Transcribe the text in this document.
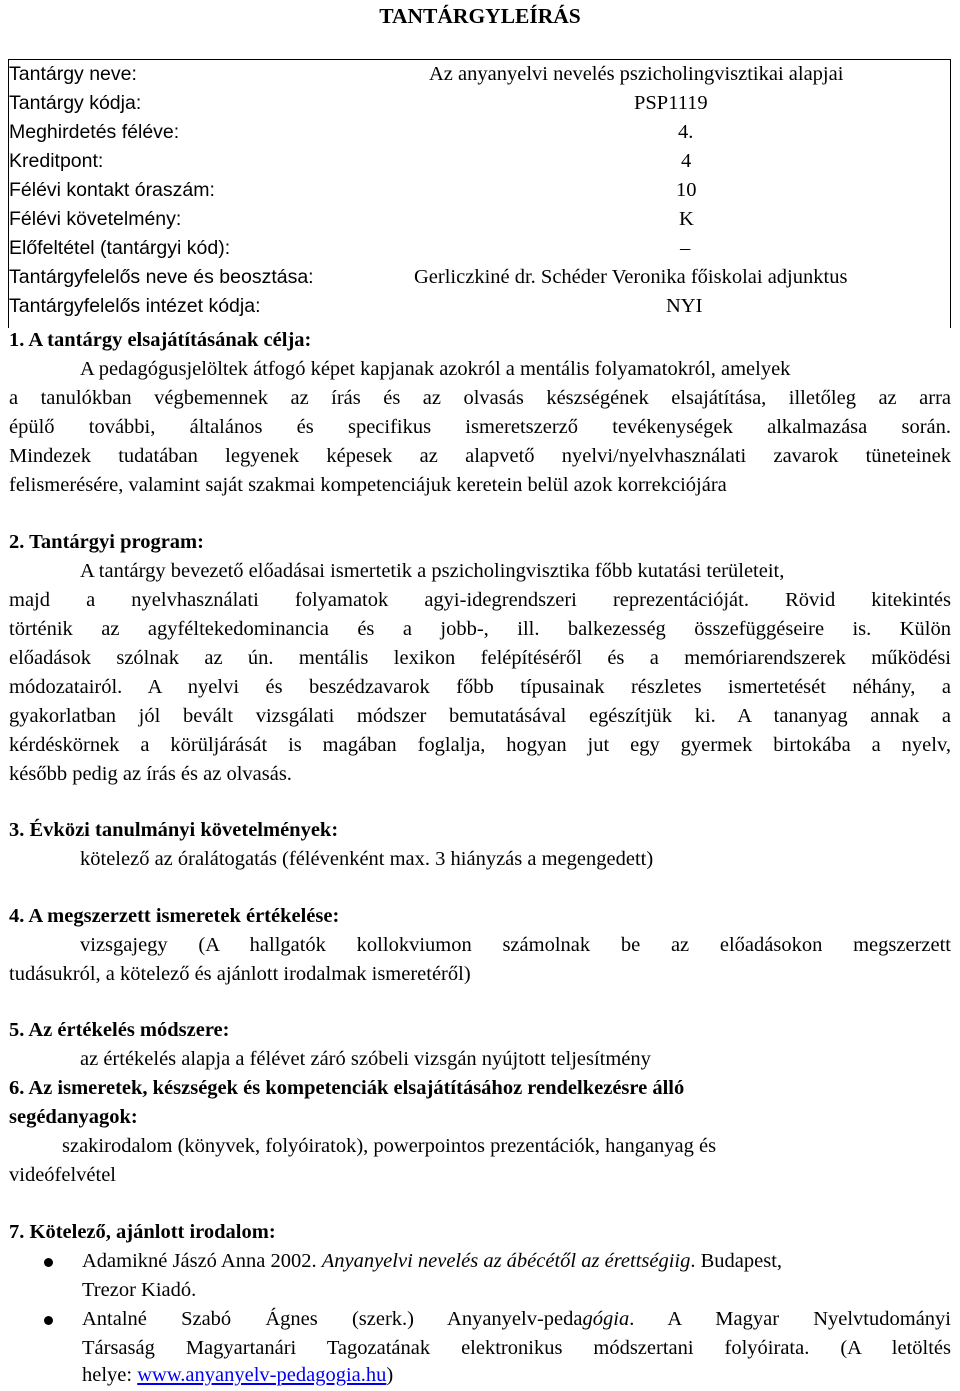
TANTÁRGYLEÍRÁS
Tantárgy neve:	Az anyanyelvi nevelés pszicholingvisztikai alapjai
Tantárgy kódja:	PSP1119
Meghirdetés féléve:	4.
Kreditpont:	4
Félévi kontakt óraszám:	10
Félévi követelmény:	K
Előfeltétel (tantárgyi kód):	–
Tantárgyfelelős neve és beosztása:	Gerliczkiné dr. Schéder Veronika főiskolai adjunktus
Tantárgyfelelős intézet kódja:	NYI
1. A tantárgy elsajátításának célja:
A pedagógusjelöltek átfogó képet kapjanak azokról a mentális folyamatokról, amelyek
a tanulókban végbemennek az írás és az olvasás készségének elsajátítása, illetőleg az arra
épülő további, általános és specifikus ismeretszerző tevékenységek alkalmazása során.
Mindezek tudatában legyenek képesek az alapvető nyelvi/nyelvhasználati zavarok tüneteinek
felismerésére, valamint saját szakmai kompetenciájuk keretein belül azok korrekciójára
2. Tantárgyi program:
A tantárgy bevezető előadásai ismertetik a pszicholingvisztika főbb kutatási területeit,
majd a nyelvhasználati folyamatok agyi-idegrendszeri reprezentációját. Rövid kitekintés
történik az agyféltekedominancia és a jobb-, ill. balkezesség összefüggéseire is. Külön
előadások szólnak az ún. mentális lexikon felépítéséről és a memóriarendszerek működési
módozatairól. A nyelvi és beszédzavarok főbb típusainak részletes ismertetését néhány, a
gyakorlatban jól bevált vizsgálati módszer bemutatásával egészítjük ki. A tananyag annak a
kérdéskörnek a körüljárását is magában foglalja, hogyan jut egy gyermek birtokába a nyelv,
később pedig az írás és az olvasás.
3. Évközi tanulmányi követelmények:
kötelező az óralátogatás (félévenként max. 3 hiányzás a megengedett)
4. A megszerzett ismeretek értékelése:
vizsgajegy (A hallgatók kollokviumon számolnak be az előadásokon megszerzett
tudásukról, a kötelező és ajánlott irodalmak ismeretéről)
5. Az értékelés módszere:
az értékelés alapja a félévet záró szóbeli vizsgán nyújtott teljesítmény
6. Az ismeretek, készségek és kompetenciák elsajátításához rendelkezésre álló
segédanyagok:
szakirodalom (könyvek, folyóiratok), powerpointos prezentációk, hanganyag és
videófelvétel
7. Kötelező, ajánlott irodalom:
Adamikné Jászó Anna 2002. Anyanyelvi nevelés az ábécétől az érettségiig. Budapest,
Trezor Kiadó.
Antalné Szabó Ágnes (szerk.) Anyanyelv-pedagógia. A Magyar Nyelvtudományi
Társaság Magyartanári Tagozatának elektronikus módszertani folyóirata. (A letöltés
helye: www.anyanyelv-pedagogia.hu)
